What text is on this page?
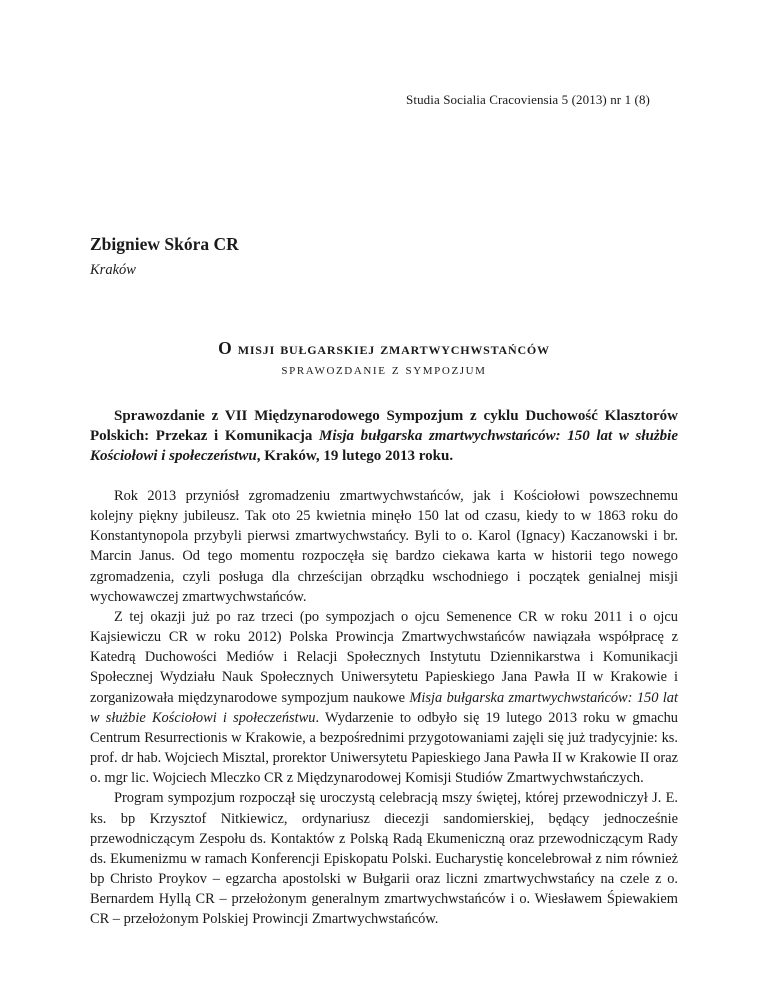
Studia Socialia Cracoviensia 5 (2013) nr 1 (8)
Zbigniew Skóra CR
Kraków
O misji bułgarskiej zmartwychwstańców
sprawozdanie z sympozjum

Sprawozdanie z VII Międzynarodowego Sympozjum z cyklu Duchowość Klasztorów Polskich: Przekaz i Komunikacja Misja bułgarska zmartwychwstańców: 150 lat w służbie Kościołowi i społeczeństwu, Kraków, 19 lutego 2013 roku.

Rok 2013 przyniósł zgromadzeniu zmartwychwstańców, jak i Kościołowi powszechnemu kolejny piękny jubileusz. Tak oto 25 kwietnia minęło 150 lat od czasu, kiedy to w 1863 roku do Konstantynopola przybyli pierwsi zmartwychwstańcy. Byli to o. Karol (Ignacy) Kaczanowski i br. Marcin Janus. Od tego momentu rozpoczęła się bardzo ciekawa karta w historii tego nowego zgromadzenia, czyli posługa dla chrześcijan obrządku wschodniego i początek genialnej misji wychowawczej zmartwychwstańców.

Z tej okazji już po raz trzeci (po sympozjach o ojcu Semenence CR w roku 2011 i o ojcu Kajsiewiczu CR w roku 2012) Polska Prowincja Zmartwychwstańców nawiązała współpracę z Katedrą Duchowości Mediów i Relacji Społecznych Instytutu Dziennikarstwa i Komunikacji Społecznej Wydziału Nauk Społecznych Uniwersytetu Papieskiego Jana Pawła II w Krakowie i zorganizowała międzynarodowe sympozjum naukowe Misja bułgarska zmartwychwstańców: 150 lat w służbie Kościołowi i społeczeństwu. Wydarzenie to odbyło się 19 lutego 2013 roku w gmachu Centrum Resurrectionis w Krakowie, a bezpośrednimi przygotowaniami zajęli się już tradycyjnie: ks. prof. dr hab. Wojciech Misztal, prorektor Uniwersytetu Papieskiego Jana Pawła II w Krakowie II oraz o. mgr lic. Wojciech Mleczko CR z Międzynarodowej Komisji Studiów Zmartwychwstańczych.

Program sympozjum rozpoczął się uroczystą celebracją mszy świętej, której przewodniczył J. E. ks. bp Krzysztof Nitkiewicz, ordynariusz diecezji sandomierskiej, będący jednocześnie przewodniczącym Zespołu ds. Kontaktów z Polską Radą Ekumeniczną oraz przewodniczącym Rady ds. Ekumenizmu w ramach Konferencji Episkopatu Polski. Eucharystię koncelebrował z nim również bp Christo Proykov – egzarcha apostolski w Bułgarii oraz liczni zmartwychwstańcy na czele z o. Bernardem Hyllą CR – przełożonym generalnym zmartwychwstańców i o. Wiesławem Śpiewakiem CR – przełożonym Polskiej Prowincji Zmartwychwstańców.
